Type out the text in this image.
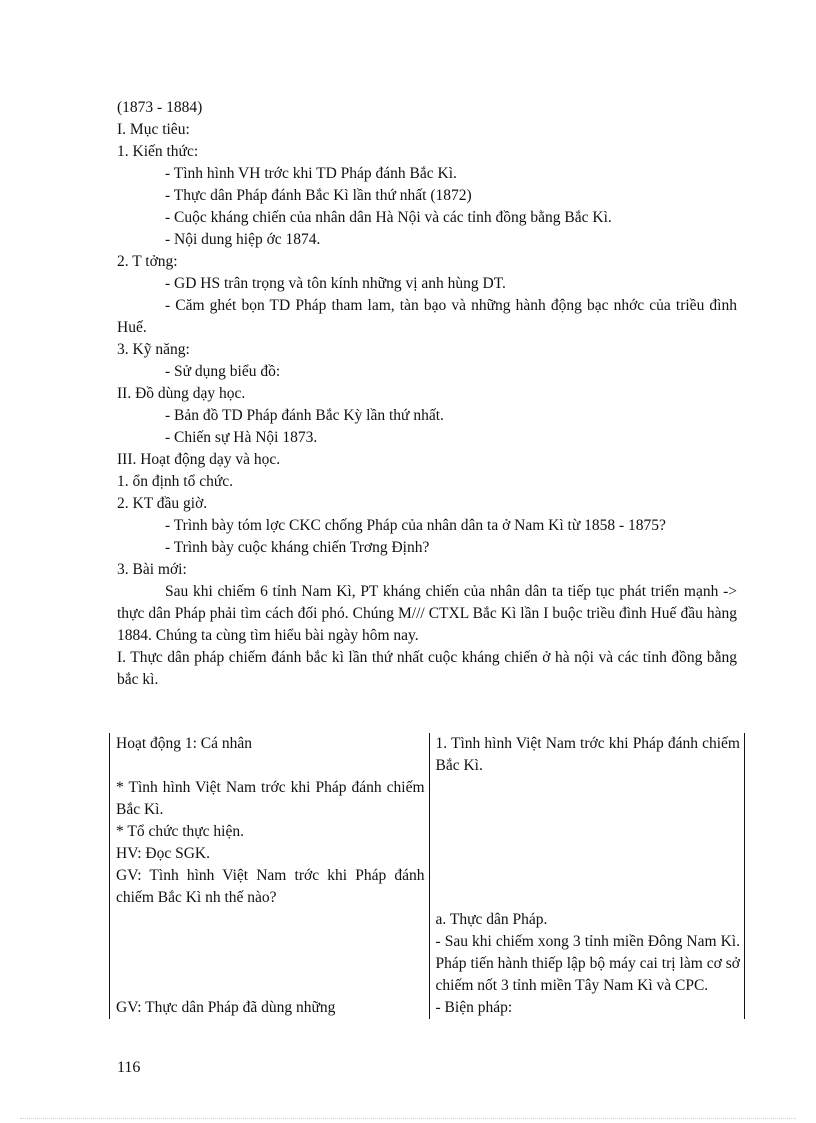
(1873 - 1884)
I. Mục tiêu:
1. Kiến thức:
- Tình hình VH trớc khi TD Pháp đánh Bắc Kì.
- Thực dân Pháp đánh Bắc Kì lần thứ nhất (1872)
- Cuộc kháng chiến của nhân dân Hà Nội và các tỉnh đồng bằng Bắc Kì.
- Nội dung hiệp ớc 1874.
2. T tởng:
- GD HS trân trọng và tôn kính những vị anh hùng DT.
- Căm ghét bọn TD Pháp tham lam, tàn bạo và những hành động bạc nhớc của triều đình Huế.
3. Kỹ năng:
- Sử dụng biểu đồ:
II. Đồ dùng dạy học.
- Bản đồ TD Pháp đánh Bắc Kỳ lần thứ nhất.
- Chiến sự Hà Nội 1873.
III. Hoạt động dạy và học.
1. ổn định tổ chức.
2. KT đầu giờ.
- Trình bày tóm lợc CKC chống Pháp của nhân dân ta ở Nam Kì từ 1858 - 1875?
- Trình bày cuộc kháng chiến Trơng Định?
3. Bài mới:
Sau khi chiếm 6 tỉnh Nam Kì, PT kháng chiến của nhân dân ta tiếp tục phát triển mạnh -> thực dân Pháp phải tìm cách đối phó. Chúng M/// CTXL Bắc Kì lần I buộc triều đình Huế đầu hàng 1884. Chúng ta cùng tìm hiểu bài ngày hôm nay.
I. Thực dân pháp chiếm đánh bắc kì lần thứ nhất cuộc kháng chiến ở hà nội và các tỉnh đồng bằng bắc kì.
Hoạt động 1: Cá nhân	1. Tình hình Việt Nam trớc khi Pháp đánh chiếm Bắc Kì.

* Tình hình Việt Nam trớc khi Pháp đánh chiếm Bắc Kì.
* Tổ chức thực hiện.
HV: Đọc SGK.
GV: Tình hình Việt Nam trớc khi Pháp đánh chiếm Bắc Kì nh thế nào?	

	a. Thực dân Pháp.
- Sau khi chiếm xong 3 tỉnh miền Đông Nam Kì. Pháp tiến hành thiếp lập bộ máy cai trị làm cơ sở chiếm nốt 3 tỉnh miền Tây Nam Kì và CPC.

GV: Thực dân Pháp đã dùng những	- Biện pháp:
116
